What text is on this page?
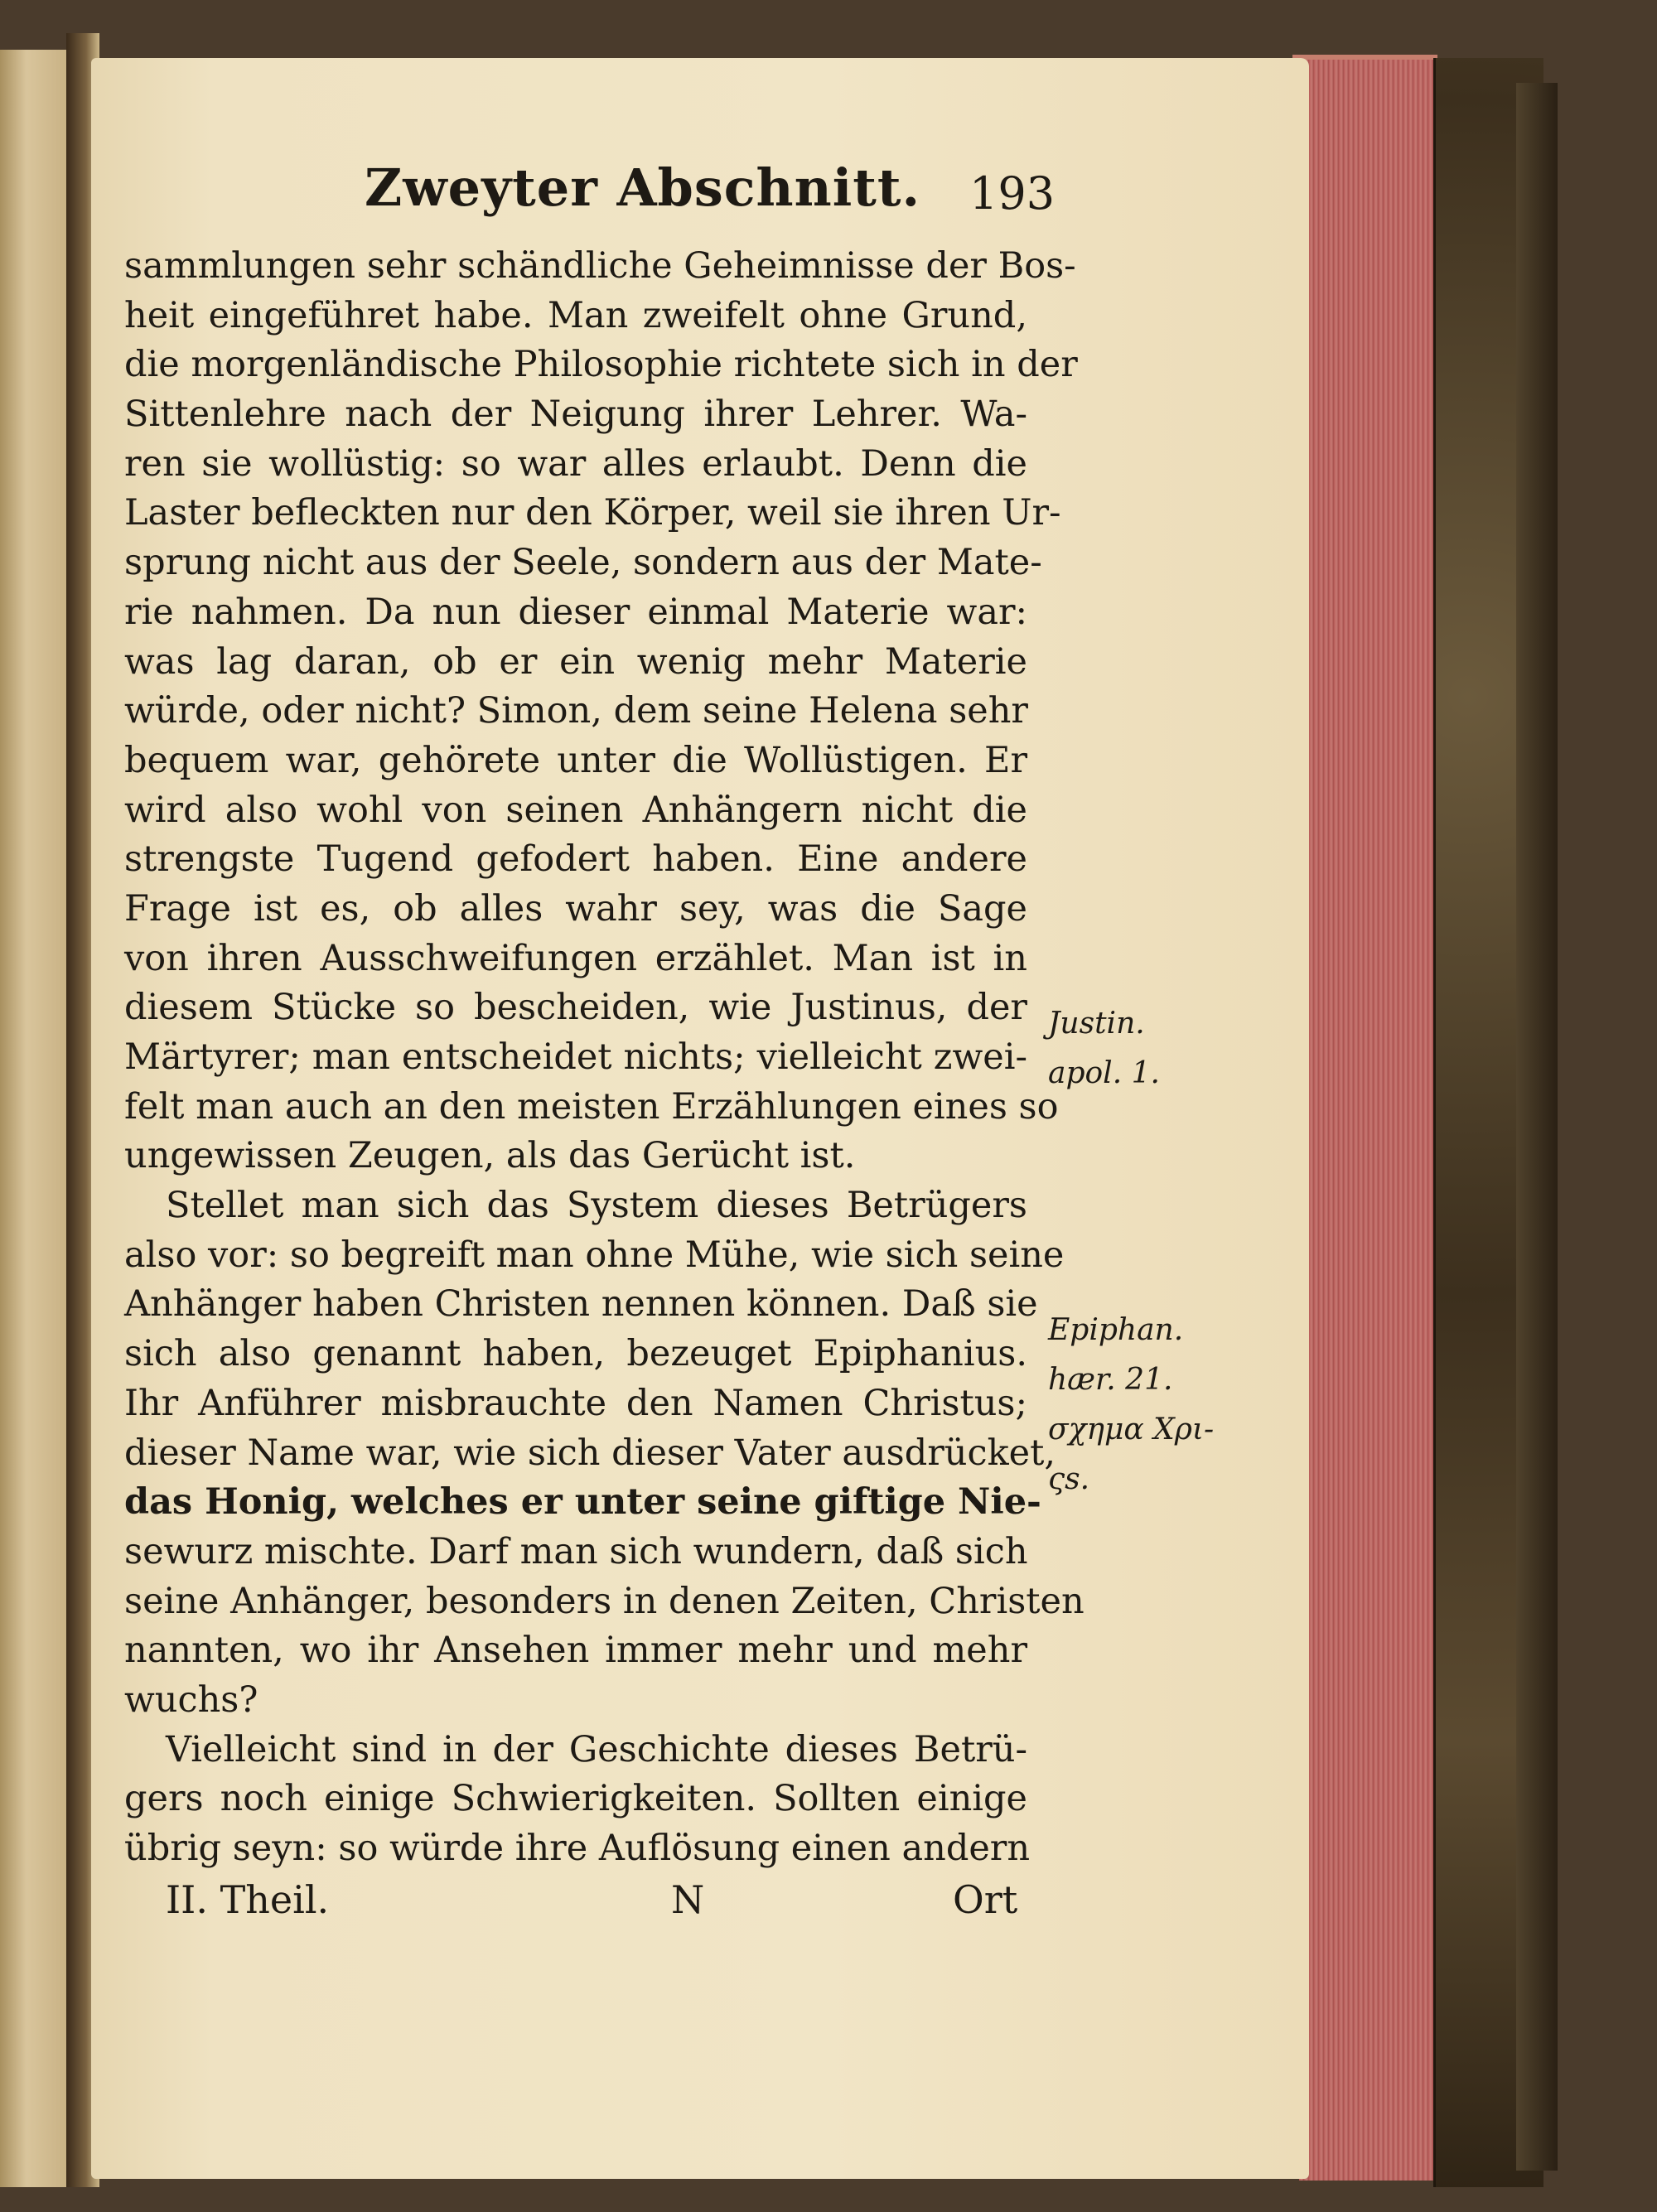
Zweyter Abschnitt. 193
sammlungen sehr schändliche Geheimnisse der Bos-
heit eingeführet habe. Man zweifelt ohne Grund,
die morgenländische Philosophie richtete sich in der
Sittenlehre nach der Neigung ihrer Lehrer. Wa-
ren sie wollüstig: so war alles erlaubt. Denn die
Laster befleckten nur den Körper, weil sie ihren Ur-
sprung nicht aus der Seele, sondern aus der Mate-
rie nahmen. Da nun dieser einmal Materie war:
was lag daran, ob er ein wenig mehr Materie
würde, oder nicht? Simon, dem seine Helena sehr
bequem war, gehörete unter die Wollüstigen. Er
wird also wohl von seinen Anhängern nicht die
strengste Tugend gefodert haben. Eine andere
Frage ist es, ob alles wahr sey, was die Sage
von ihren Ausschweifungen erzählet. Man ist in
diesem Stücke so bescheiden, wie Justinus, der
Märtyrer; man entscheidet nichts; vielleicht zwei-
felt man auch an den meisten Erzählungen eines so
ungewissen Zeugen, als das Gerücht ist.
Stellet man sich das System dieses Betrügers
also vor: so begreift man ohne Mühe, wie sich seine
Anhänger haben Christen nennen können. Daß sie
sich also genannt haben, bezeuget Epiphanius.
Ihr Anführer misbrauchte den Namen Christus;
dieser Name war, wie sich dieser Vater ausdrücket,
das Honig, welches er unter seine giftige Nie-
sewurz mischte. Darf man sich wundern, daß sich
seine Anhänger, besonders in denen Zeiten, Christen
nannten, wo ihr Ansehen immer mehr und mehr
wuchs?
Vielleicht sind in der Geschichte dieses Betrü-
gers noch einige Schwierigkeiten. Sollten einige
übrig seyn: so würde ihre Auflösung einen andern
II. Theil.	N	Ort
Justin.
apol. 1.
Epiphan.
hær. 21.
σχημα Χρι-
ςs.
